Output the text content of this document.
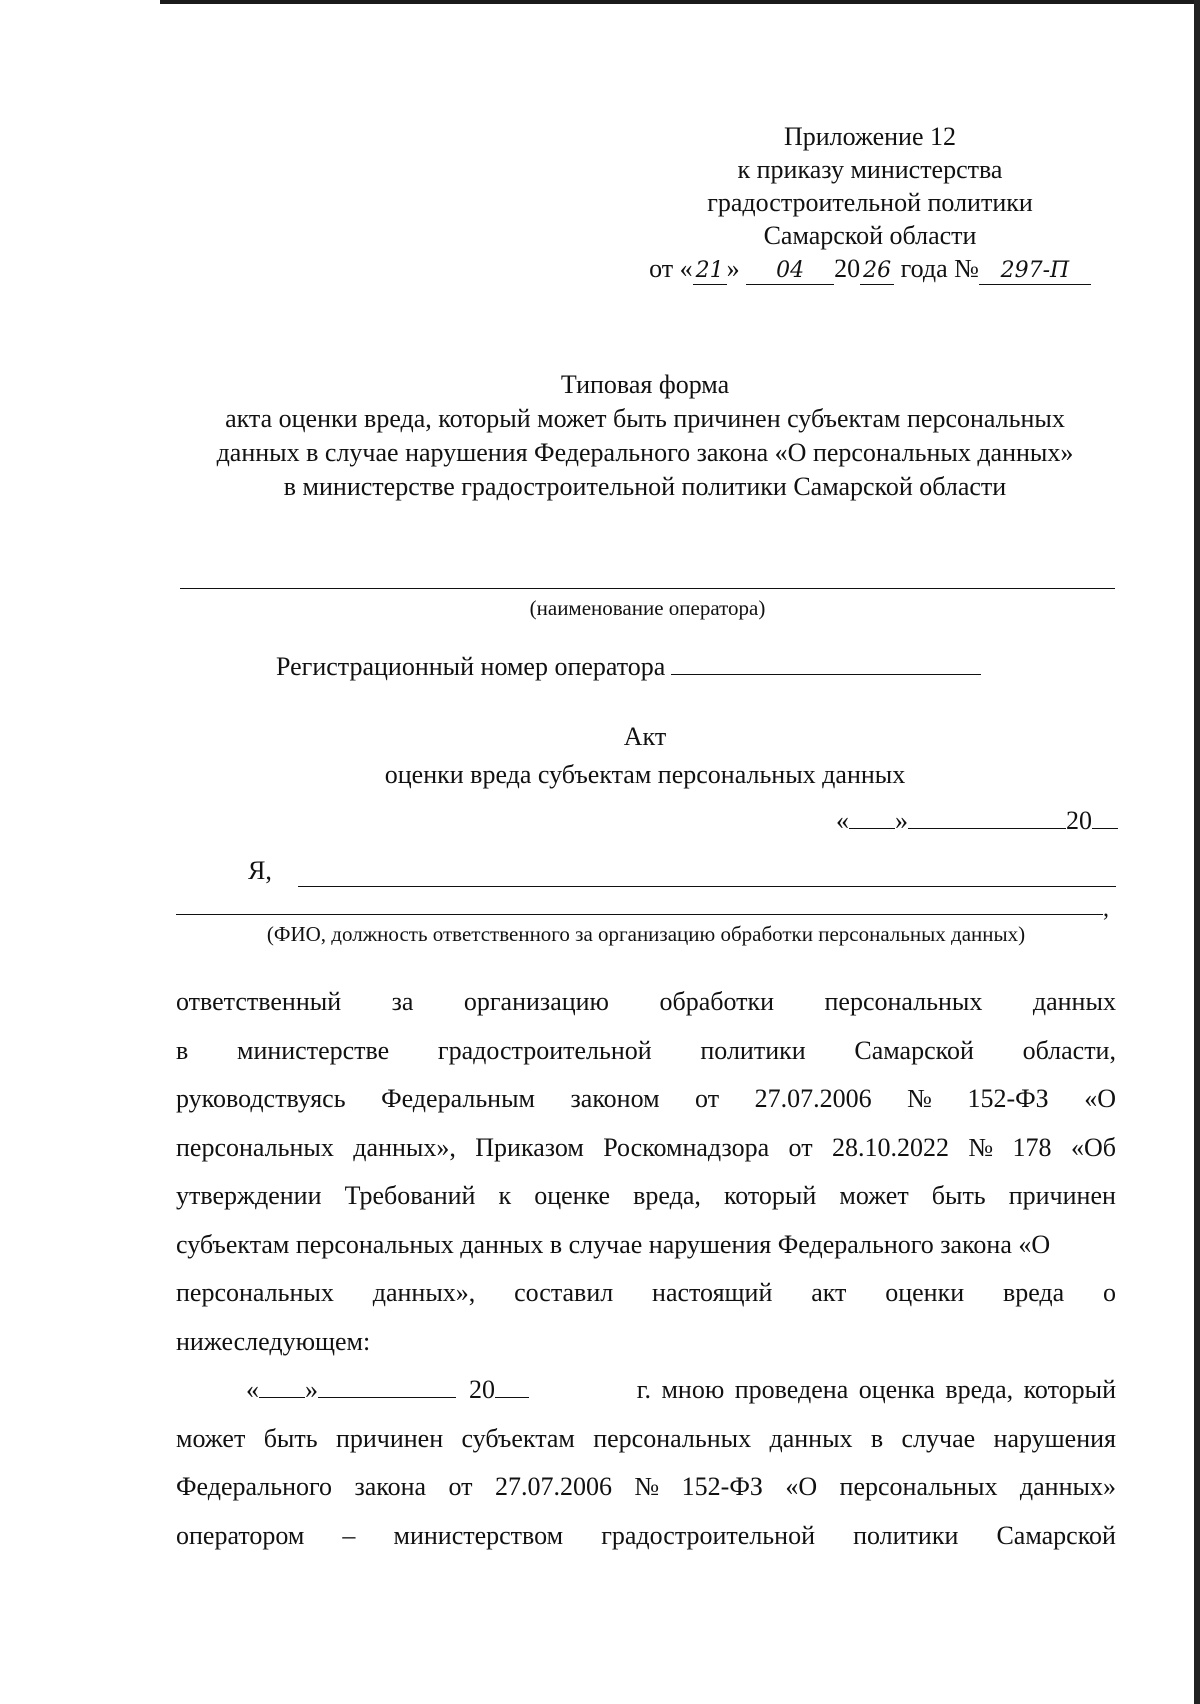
Приложение 12
к приказу министерства
градостроительной политики
Самарской области
от « 21 » 04 20 26 года № 297-П
Типовая форма
акта оценки вреда, который может быть причинен субъектам персональных
данных в случае нарушения Федерального закона «О персональных данных»
в министерстве градостроительной политики Самарской области
(наименование оператора)
Регистрационный номер оператора
Акт
оценки вреда субъектам персональных данных
« »	20
Я,
,
(ФИО, должность ответственного за организацию обработки персональных данных)
ответственный за организацию обработки персональных данных
в министерстве градостроительной политики Самарской области,
руководствуясь Федеральным законом от 27.07.2006 № 152-ФЗ «О
персональных данных», Приказом Роскомнадзора от 28.10.2022 № 178 «Об
утверждении Требований к оценке вреда, который может быть причинен
субъектам персональных данных в случае нарушения Федерального закона «О
персональных данных», составил настоящий акт оценки вреда о
нижеследующем:
« »	20	г. мною проведена оценка вреда, который
может быть причинен субъектам персональных данных в случае нарушения
Федерального закона от 27.07.2006 № 152-ФЗ «О персональных данных»
оператором – министерством градостроительной политики Самарской
